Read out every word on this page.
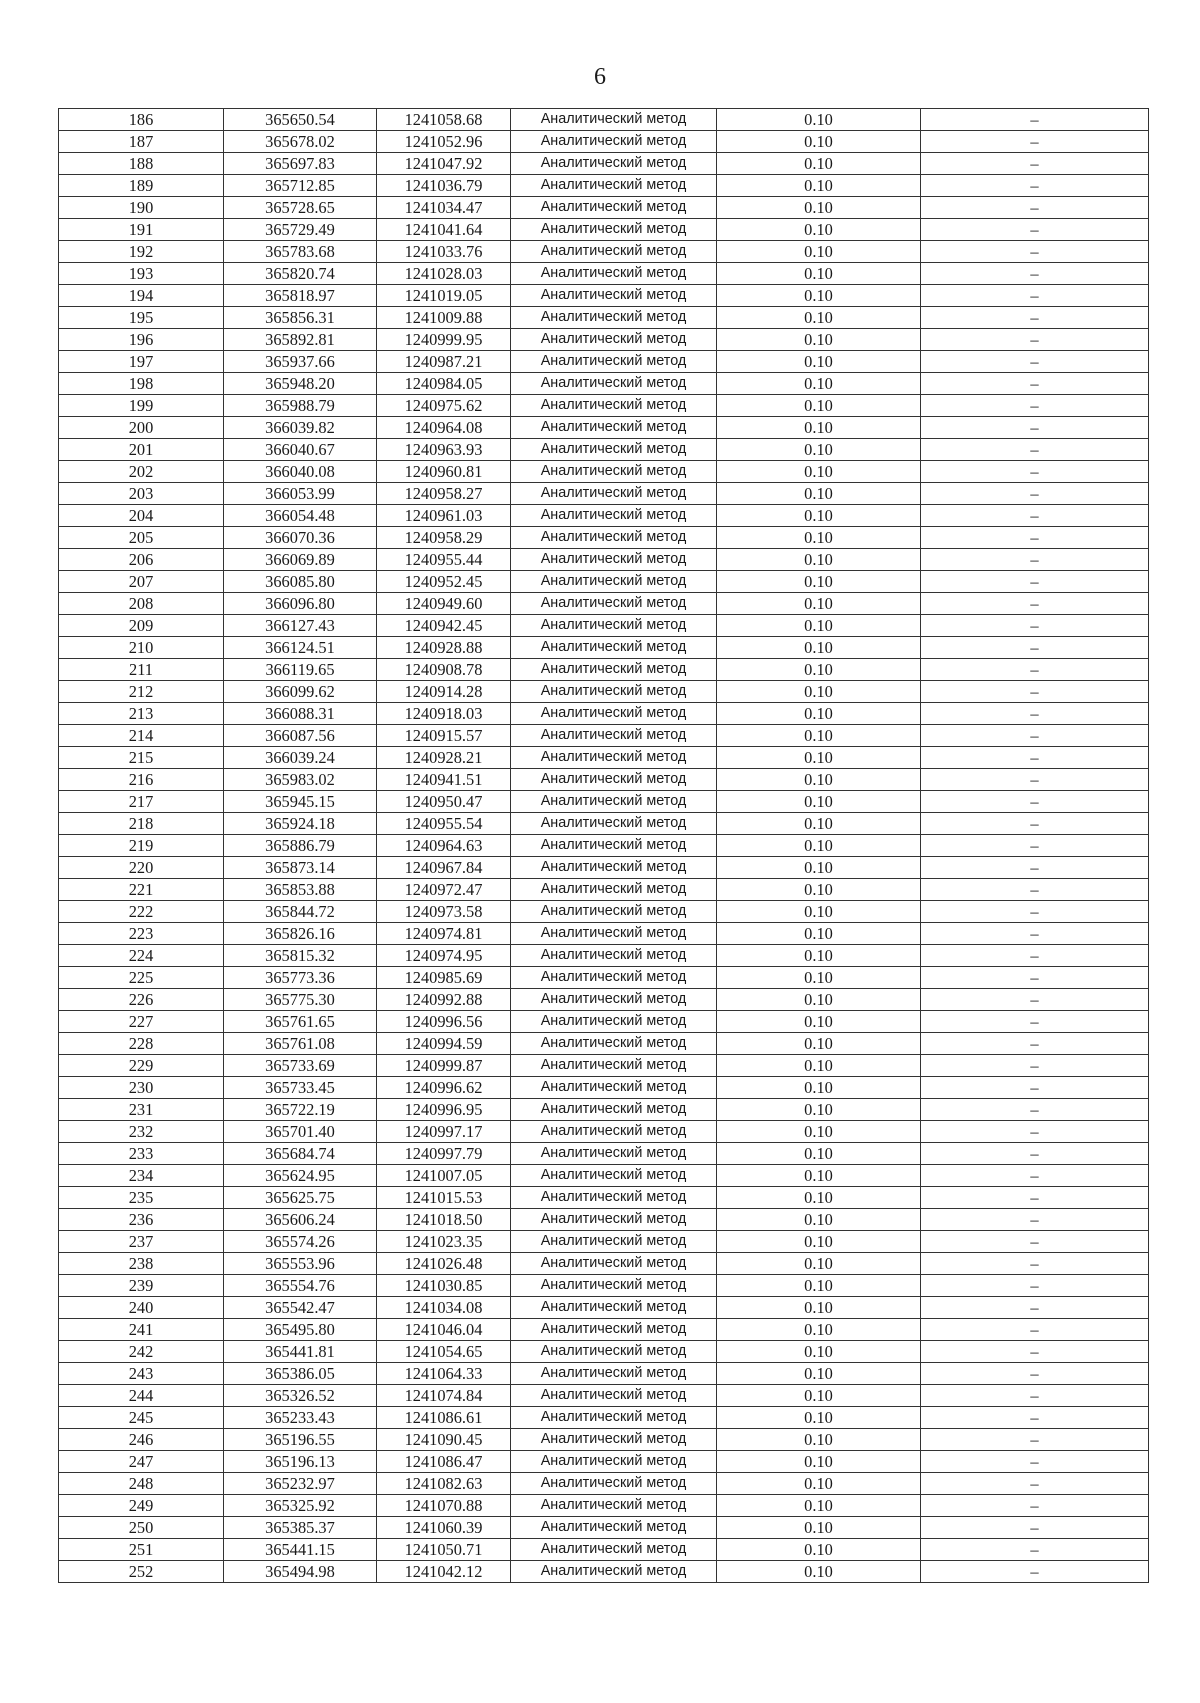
6
186	365650.54	1241058.68	Аналитический метод	0.10	–
187	365678.02	1241052.96	Аналитический метод	0.10	–
188	365697.83	1241047.92	Аналитический метод	0.10	–
189	365712.85	1241036.79	Аналитический метод	0.10	–
190	365728.65	1241034.47	Аналитический метод	0.10	–
191	365729.49	1241041.64	Аналитический метод	0.10	–
192	365783.68	1241033.76	Аналитический метод	0.10	–
193	365820.74	1241028.03	Аналитический метод	0.10	–
194	365818.97	1241019.05	Аналитический метод	0.10	–
195	365856.31	1241009.88	Аналитический метод	0.10	–
196	365892.81	1240999.95	Аналитический метод	0.10	–
197	365937.66	1240987.21	Аналитический метод	0.10	–
198	365948.20	1240984.05	Аналитический метод	0.10	–
199	365988.79	1240975.62	Аналитический метод	0.10	–
200	366039.82	1240964.08	Аналитический метод	0.10	–
201	366040.67	1240963.93	Аналитический метод	0.10	–
202	366040.08	1240960.81	Аналитический метод	0.10	–
203	366053.99	1240958.27	Аналитический метод	0.10	–
204	366054.48	1240961.03	Аналитический метод	0.10	–
205	366070.36	1240958.29	Аналитический метод	0.10	–
206	366069.89	1240955.44	Аналитический метод	0.10	–
207	366085.80	1240952.45	Аналитический метод	0.10	–
208	366096.80	1240949.60	Аналитический метод	0.10	–
209	366127.43	1240942.45	Аналитический метод	0.10	–
210	366124.51	1240928.88	Аналитический метод	0.10	–
211	366119.65	1240908.78	Аналитический метод	0.10	–
212	366099.62	1240914.28	Аналитический метод	0.10	–
213	366088.31	1240918.03	Аналитический метод	0.10	–
214	366087.56	1240915.57	Аналитический метод	0.10	–
215	366039.24	1240928.21	Аналитический метод	0.10	–
216	365983.02	1240941.51	Аналитический метод	0.10	–
217	365945.15	1240950.47	Аналитический метод	0.10	–
218	365924.18	1240955.54	Аналитический метод	0.10	–
219	365886.79	1240964.63	Аналитический метод	0.10	–
220	365873.14	1240967.84	Аналитический метод	0.10	–
221	365853.88	1240972.47	Аналитический метод	0.10	–
222	365844.72	1240973.58	Аналитический метод	0.10	–
223	365826.16	1240974.81	Аналитический метод	0.10	–
224	365815.32	1240974.95	Аналитический метод	0.10	–
225	365773.36	1240985.69	Аналитический метод	0.10	–
226	365775.30	1240992.88	Аналитический метод	0.10	–
227	365761.65	1240996.56	Аналитический метод	0.10	–
228	365761.08	1240994.59	Аналитический метод	0.10	–
229	365733.69	1240999.87	Аналитический метод	0.10	–
230	365733.45	1240996.62	Аналитический метод	0.10	–
231	365722.19	1240996.95	Аналитический метод	0.10	–
232	365701.40	1240997.17	Аналитический метод	0.10	–
233	365684.74	1240997.79	Аналитический метод	0.10	–
234	365624.95	1241007.05	Аналитический метод	0.10	–
235	365625.75	1241015.53	Аналитический метод	0.10	–
236	365606.24	1241018.50	Аналитический метод	0.10	–
237	365574.26	1241023.35	Аналитический метод	0.10	–
238	365553.96	1241026.48	Аналитический метод	0.10	–
239	365554.76	1241030.85	Аналитический метод	0.10	–
240	365542.47	1241034.08	Аналитический метод	0.10	–
241	365495.80	1241046.04	Аналитический метод	0.10	–
242	365441.81	1241054.65	Аналитический метод	0.10	–
243	365386.05	1241064.33	Аналитический метод	0.10	–
244	365326.52	1241074.84	Аналитический метод	0.10	–
245	365233.43	1241086.61	Аналитический метод	0.10	–
246	365196.55	1241090.45	Аналитический метод	0.10	–
247	365196.13	1241086.47	Аналитический метод	0.10	–
248	365232.97	1241082.63	Аналитический метод	0.10	–
249	365325.92	1241070.88	Аналитический метод	0.10	–
250	365385.37	1241060.39	Аналитический метод	0.10	–
251	365441.15	1241050.71	Аналитический метод	0.10	–
252	365494.98	1241042.12	Аналитический метод	0.10	–
